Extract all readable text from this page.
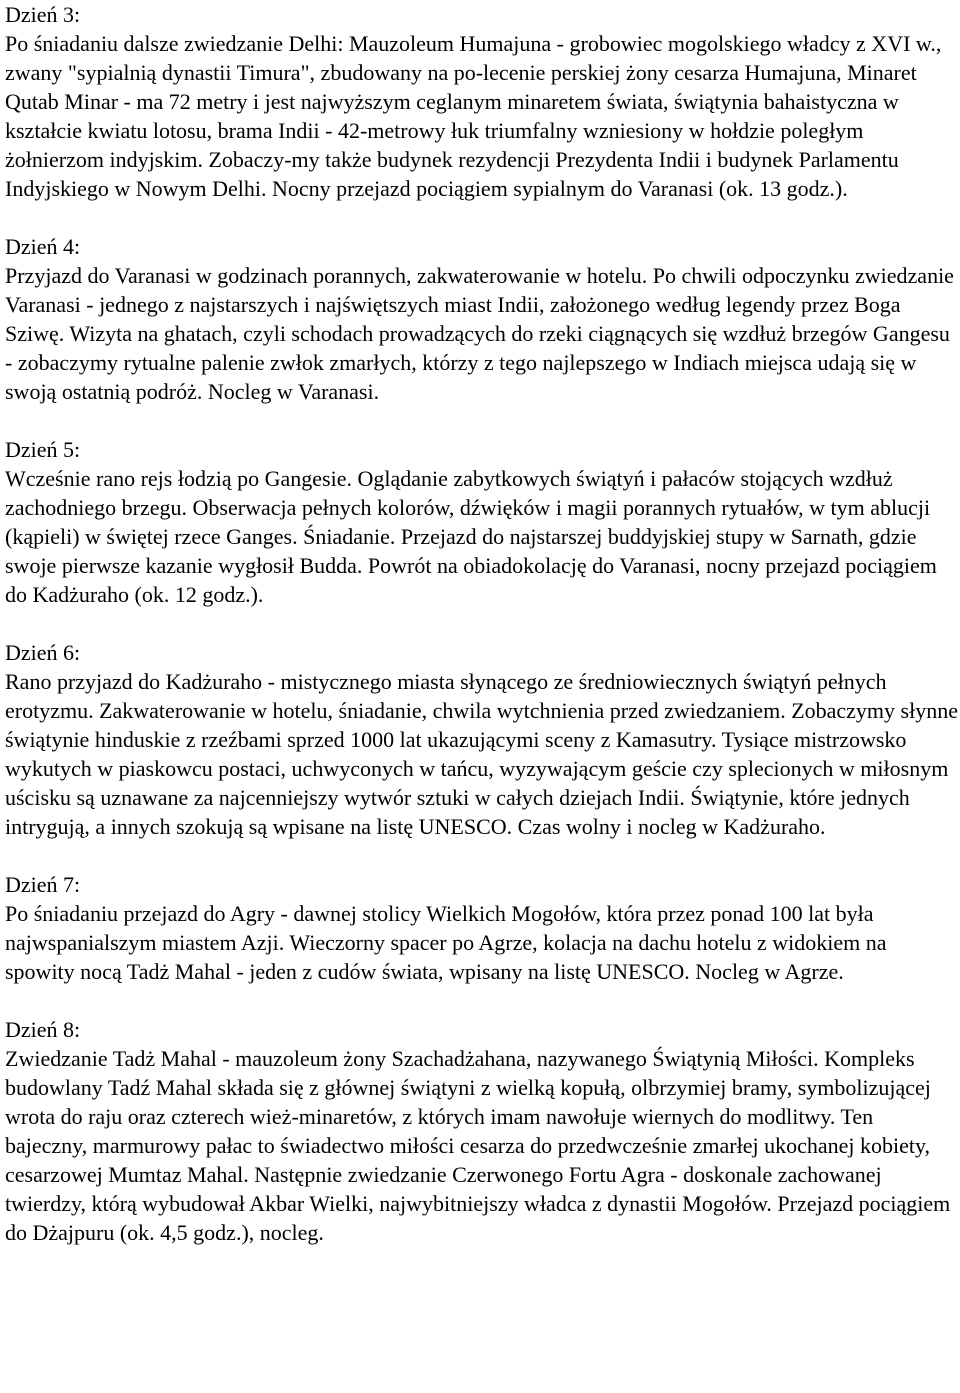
Dzień 3:

Po śniadaniu dalsze zwiedzanie Delhi: Mauzoleum Humajuna - grobowiec mogolskiego władcy z XVI w., zwany "sypialnią dynastii Timura", zbudowany na po-lecenie perskiej żony cesarza Humajuna, Minaret Qutab Minar - ma 72 metry i jest najwyższym ceglanym minaretem świata, świątynia bahaistyczna w kształcie kwiatu lotosu, brama Indii - 42-metrowy łuk triumfalny wzniesiony w hołdzie poległym żołnierzom indyjskim. Zobaczy-my także budynek rezydencji Prezydenta Indii i budynek Parlamentu Indyjskiego w Nowym Delhi. Nocny przejazd pociągiem sypialnym do Varanasi (ok. 13 godz.).

Dzień 4:

Przyjazd do Varanasi w godzinach porannych, zakwaterowanie w hotelu. Po chwili odpoczynku zwiedzanie Varanasi - jednego z najstarszych i najświętszych miast Indii, założonego według legendy przez Boga Sziwę. Wizyta na ghatach, czyli schodach prowadzących do rzeki ciągnących się wzdłuż brzegów Gangesu - zobaczymy rytualne palenie zwłok zmarłych, którzy z tego najlepszego w Indiach miejsca udają się w swoją ostatnią podróż. Nocleg w Varanasi.

Dzień 5:

Wcześnie rano rejs łodzią po Gangesie. Oglądanie zabytkowych świątyń i pałaców stojących wzdłuż zachodniego brzegu. Obserwacja pełnych kolorów, dźwięków i magii porannych rytuałów, w tym ablucji (kąpieli) w świętej rzece Ganges. Śniadanie. Przejazd do najstarszej buddyjskiej stupy w Sarnath, gdzie swoje pierwsze kazanie wygłosił Budda. Powrót na obiadokolację do Varanasi, nocny przejazd pociągiem do Kadżuraho (ok. 12 godz.).

Dzień 6:

Rano przyjazd do Kadżuraho - mistycznego miasta słynącego ze średniowiecznych świątyń pełnych erotyzmu. Zakwaterowanie w hotelu, śniadanie, chwila wytchnienia przed zwiedzaniem. Zobaczymy słynne świątynie hinduskie z rzeźbami sprzed 1000 lat ukazującymi sceny z Kamasutry. Tysiące mistrzowsko wykutych w piaskowcu postaci, uchwyconych w tańcu, wyzywającym geście czy splecionych w miłosnym uścisku są uznawane za najcenniejszy wytwór sztuki w całych dziejach Indii. Świątynie, które jednych intrygują, a innych szokują są wpisane na listę UNESCO. Czas wolny i nocleg w Kadżuraho.

Dzień 7:

Po śniadaniu przejazd do Agry - dawnej stolicy Wielkich Mogołów, która przez ponad 100 lat była najwspanialszym miastem Azji. Wieczorny spacer po Agrze, kolacja na dachu hotelu z widokiem na spowity nocą Tadż Mahal - jeden z cudów świata, wpisany na listę UNESCO. Nocleg w Agrze.

Dzień 8:

Zwiedzanie Tadż Mahal - mauzoleum żony Szachadżahana, nazywanego Świątynią Miłości. Kompleks budowlany Tadź Mahal składa się z głównej świątyni z wielką kopułą, olbrzymiej bramy, symbolizującej wrota do raju oraz czterech wież-minaretów, z których imam nawołuje wiernych do modlitwy. Ten bajeczny, marmurowy pałac to świadectwo miłości cesarza do przedwcześnie zmarłej ukochanej kobiety, cesarzowej Mumtaz Mahal. Następnie zwiedzanie Czerwonego Fortu Agra - doskonale zachowanej twierdzy, którą wybudował Akbar Wielki, najwybitniejszy władca z dynastii Mogołów. Przejazd pociągiem do Dżajpuru (ok. 4,5 godz.), nocleg.
